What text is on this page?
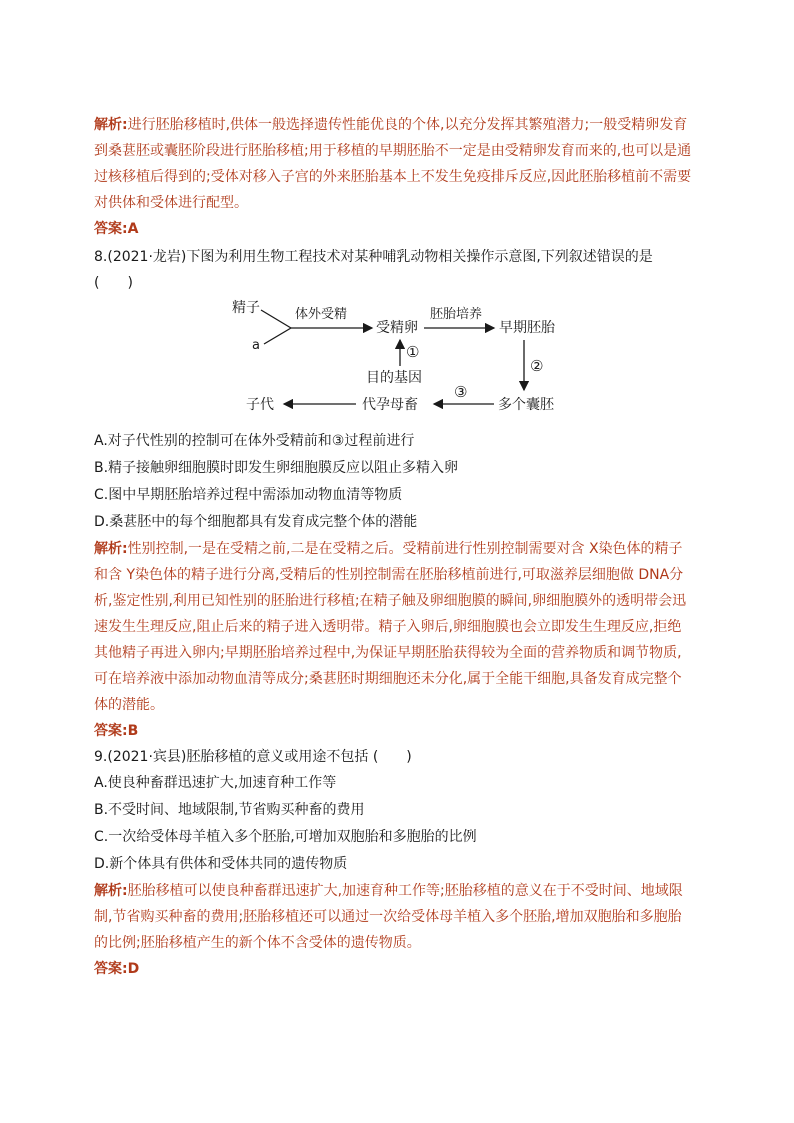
解析:进行胚胎移植时,供体一般选择遗传性能优良的个体,以充分发挥其繁殖潜力;一般受精卵发育到桑葚胚或囊胚阶段进行胚胎移植;用于移植的早期胚胎不一定是由受精卵发育而来的,也可以是通过核移植后得到的;受体对移入子宫的外来胚胎基本上不发生免疫排斥反应,因此胚胎移植前不需要对供体和受体进行配型。

答案:A

8.(2021·龙岩)下图为利用生物工程技术对某种哺乳动物相关操作示意图,下列叙述错误的是

(　　)

精子
a
体外受精
受精卵
胚胎培养
早期胚胎
①
②
③
目的基因
代孕母畜	多个囊胚
子代

A.对子代性别的控制可在体外受精前和③过程前进行

B.精子接触卵细胞膜时即发生卵细胞膜反应以阻止多精入卵

C.图中早期胚胎培养过程中需添加动物血清等物质

D.桑葚胚中的每个细胞都具有发育成完整个体的潜能

解析:性别控制,一是在受精之前,二是在受精之后。受精前进行性别控制需要对含 X染色体的精子和含 Y染色体的精子进行分离,受精后的性别控制需在胚胎移植前进行,可取滋养层细胞做 DNA分析,鉴定性别,利用已知性别的胚胎进行移植;在精子触及卵细胞膜的瞬间,卵细胞膜外的透明带会迅速发生生理反应,阻止后来的精子进入透明带。精子入卵后,卵细胞膜也会立即发生生理反应,拒绝其他精子再进入卵内;早期胚胎培养过程中,为保证早期胚胎获得较为全面的营养物质和调节物质,可在培养液中添加动物血清等成分;桑葚胚时期细胞还未分化,属于全能干细胞,具备发育成完整个体的潜能。

答案:B

9.(2021·宾县)胚胎移植的意义或用途不包括 (　　)

A.使良种畜群迅速扩大,加速育种工作等

B.不受时间、地域限制,节省购买种畜的费用

C.一次给受体母羊植入多个胚胎,可增加双胞胎和多胞胎的比例

D.新个体具有供体和受体共同的遗传物质

解析:胚胎移植可以使良种畜群迅速扩大,加速育种工作等;胚胎移植的意义在于不受时间、地域限制,节省购买种畜的费用;胚胎移植还可以通过一次给受体母羊植入多个胚胎,增加双胞胎和多胞胎的比例;胚胎移植产生的新个体不含受体的遗传物质。

答案:D
